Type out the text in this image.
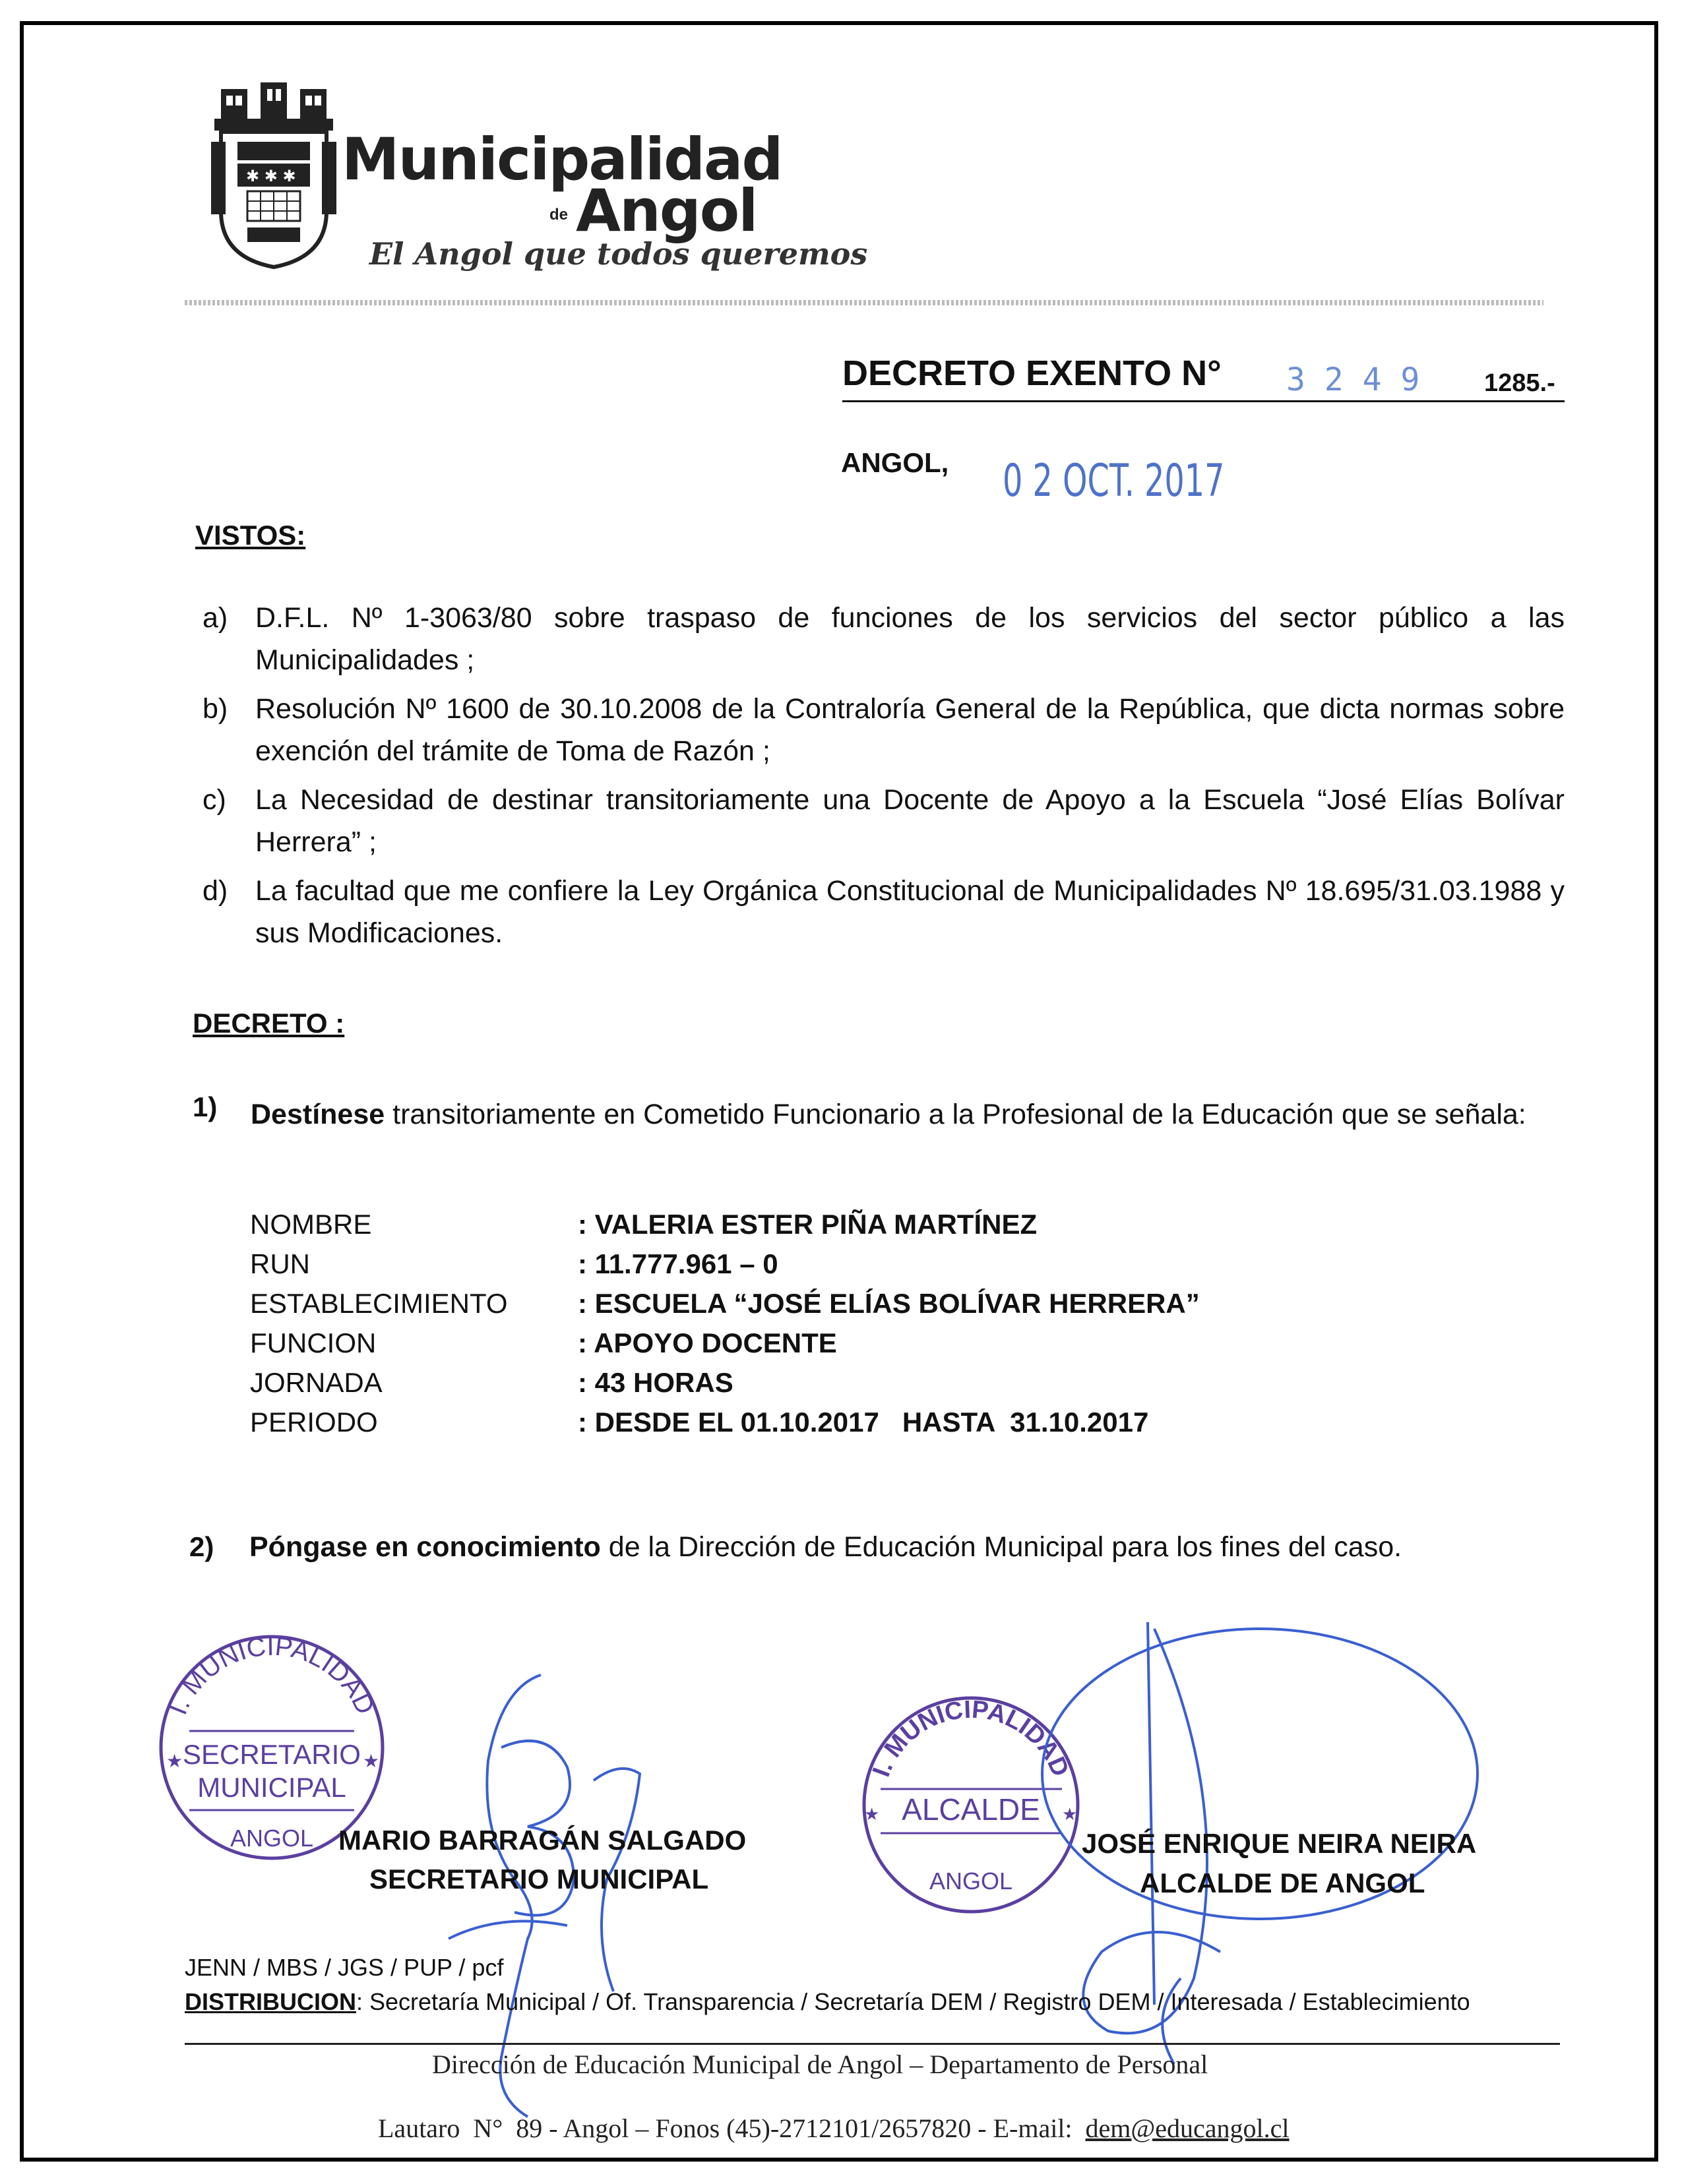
✱ ✱ ✱ Municipalidad
de Angol
El Angol que todos queremos
DECRETO EXENTO N° 3 2 4 9	1285.-
ANGOL, 0 2 OCT. 2017
VISTOS:
a) D.F.L. Nº 1-3063/80 sobre traspaso de funciones de los servicios del sector público a las Municipalidades ;
b) Resolución Nº 1600 de 30.10.2008 de la Contraloría General de la República, que dicta normas sobre exención del trámite de Toma de Razón ;
c)	La Necesidad de destinar transitoriamente una Docente de Apoyo a la Escuela “José Elías Bolívar Herrera” ;
d) La facultad que me confiere la Ley Orgánica Constitucional de Municipalidades Nº 18.695/31.03.1988 y sus Modificaciones.
DECRETO :
1) Destínese transitoriamente en Cometido Funcionario a la Profesional de la Educación que se señala:
NOMBRE	: VALERIA ESTER PIÑA MARTÍNEZ
RUN	: 11.777.961 – 0
ESTABLECIMIENTO	: ESCUELA “JOSÉ ELÍAS BOLÍVAR HERRERA”
FUNCION	: APOYO DOCENTE
JORNADA	: 43 HORAS
PERIODO	: DESDE EL 01.10.2017   HASTA  31.10.2017
2) Póngase en conocimiento de la Dirección de Educación Municipal para los fines del caso.
I. MUNICIPALIDAD
SECRETARIO
MUNICIPAL
★	★
ANGOL MARIO BARRAGÁN SALGADO
SECRETARIO MUNICIPAL
I. MUNICIPALIDAD
ALCALDE
★	★
ANGOL
JOSÉ ENRIQUE NEIRA NEIRA
ALCALDE DE ANGOL
JENN / MBS / JGS / PUP / pcf
DISTRIBUCION: Secretaría Municipal / Of. Transparencia / Secretaría DEM / Registro DEM / Interesada / Establecimiento
Dirección de Educación Municipal de Angol – Departamento de Personal

Lautaro  N°  89 - Angol – Fonos (45)-2712101/2657820 - E-mail: dem@educangol.cl
